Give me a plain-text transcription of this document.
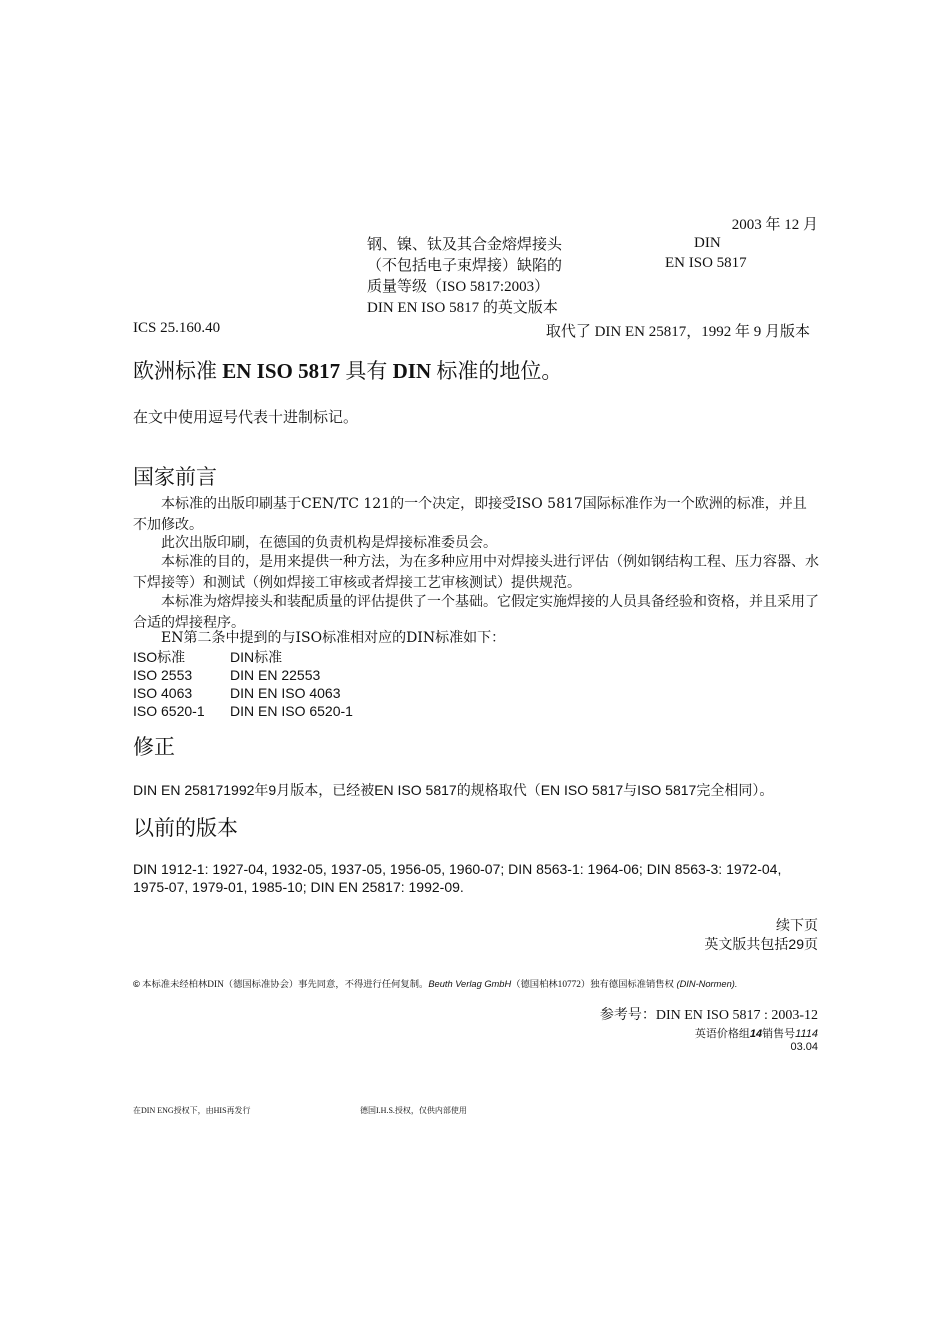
2003 年 12 月
钢、镍、钛及其合金熔焊接头
（不包括电子束焊接）缺陷的
质量等级（ISO 5817:2003）
DIN EN ISO 5817 的英文版本
DIN
EN ISO 5817
ICS 25.160.40	取代了 DIN EN 25817，1992 年 9 月版本
欧洲标准 EN ISO 5817 具有 DIN 标准的地位。
在文中使用逗号代表十进制标记。
国家前言
本标准的出版印刷基于CEN/TC 121的一个决定，即接受ISO 5817国际标准作为一个欧洲的标准，并且不加修改。
此次出版印刷，在德国的负责机构是焊接标准委员会。
本标准的目的，是用来提供一种方法，为在多种应用中对焊接头进行评估（例如钢结构工程、压力容器、水下焊接等）和测试（例如焊接工审核或者焊接工艺审核测试）提供规范。
本标准为熔焊接头和装配质量的评估提供了一个基础。它假定实施焊接的人员具备经验和资格，并且采用了合适的焊接程序。
EN第二条中提到的与ISO标准相对应的DIN标准如下：
ISO标准	DIN标准
ISO 2553	DIN EN 22553
ISO 4063	DIN EN ISO 4063
ISO 6520-1	DIN EN ISO 6520-1
修正
DIN EN 258171992年9月版本，已经被EN ISO 5817的规格取代（EN ISO 5817与ISO 5817完全相同）。
以前的版本
DIN 1912-1: 1927-04, 1932-05, 1937-05, 1956-05, 1960-07; DIN 8563-1: 1964-06; DIN 8563-3: 1972-04,
1975-07, 1979-01, 1985-10; DIN EN 25817: 1992-09.
续下页
英文版共包括29页
© 本标准未经柏林DIN（德国标准协会）事先同意，不得进行任何复制。Beuth Verlag GmbH（德国柏林10772）独有德国标准销售权 (DIN-Normen).
参考号：DIN EN ISO 5817 : 2003-12
英语价格组14销售号1114
03.04
在DIN ENG授权下，由HIS再发行	德国I.H.S.授权，仅供内部使用
